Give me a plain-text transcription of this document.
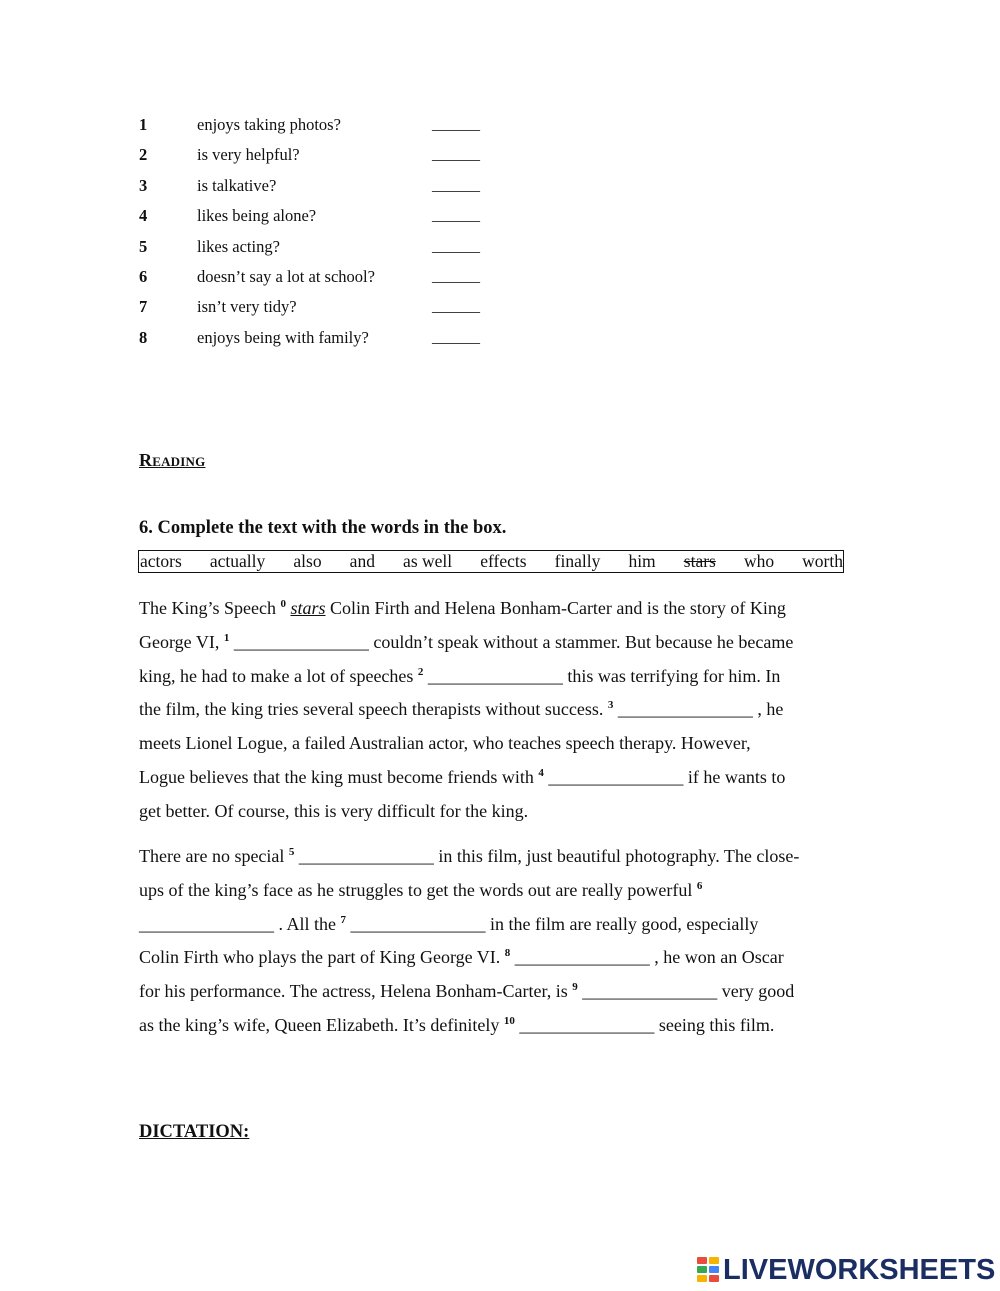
1	enjoys taking photos?	______
2	is very helpful?	______
3	is talkative?	______
4	likes being alone?	______
5	likes acting?	______
6	doesn’t say a lot at school?	______
7	isn’t very tidy?	______
8	enjoys being with family?	______
Reading
6. Complete the text with the words in the box.
actors actually also and as well effects finally him stars who worth

The King’s Speech $^0$ stars Colin Firth and Helena Bonham-Carter and is the story of King

George VI, $^1$ _______________ couldn’t speak without a stammer. But because he became

king, he had to make a lot of speeches $^2$ _______________ this was terrifying for him. In

the film, the king tries several speech therapists without success. $^3$ _______________ , he

meets Lionel Logue, a failed Australian actor, who teaches speech therapy. However,

Logue believes that the king must become friends with $^4$ _______________ if he wants to

get better. Of course, this is very difficult for the king.

There are no special $^5$ _______________ in this film, just beautiful photography. The close-

ups of the king’s face as he struggles to get the words out are really powerful $^6$

_______________ . All the $^7$ _______________ in the film are really good, especially

Colin Firth who plays the part of King George VI. $^8$ _______________ , he won an Oscar

for his performance. The actress, Helena Bonham-Carter, is $^9$ _______________ very good

as the king’s wife, Queen Elizabeth. It’s definitely $^{10}$ _______________ seeing this film.

DICTATION:
LIVEWORKSHEETS
